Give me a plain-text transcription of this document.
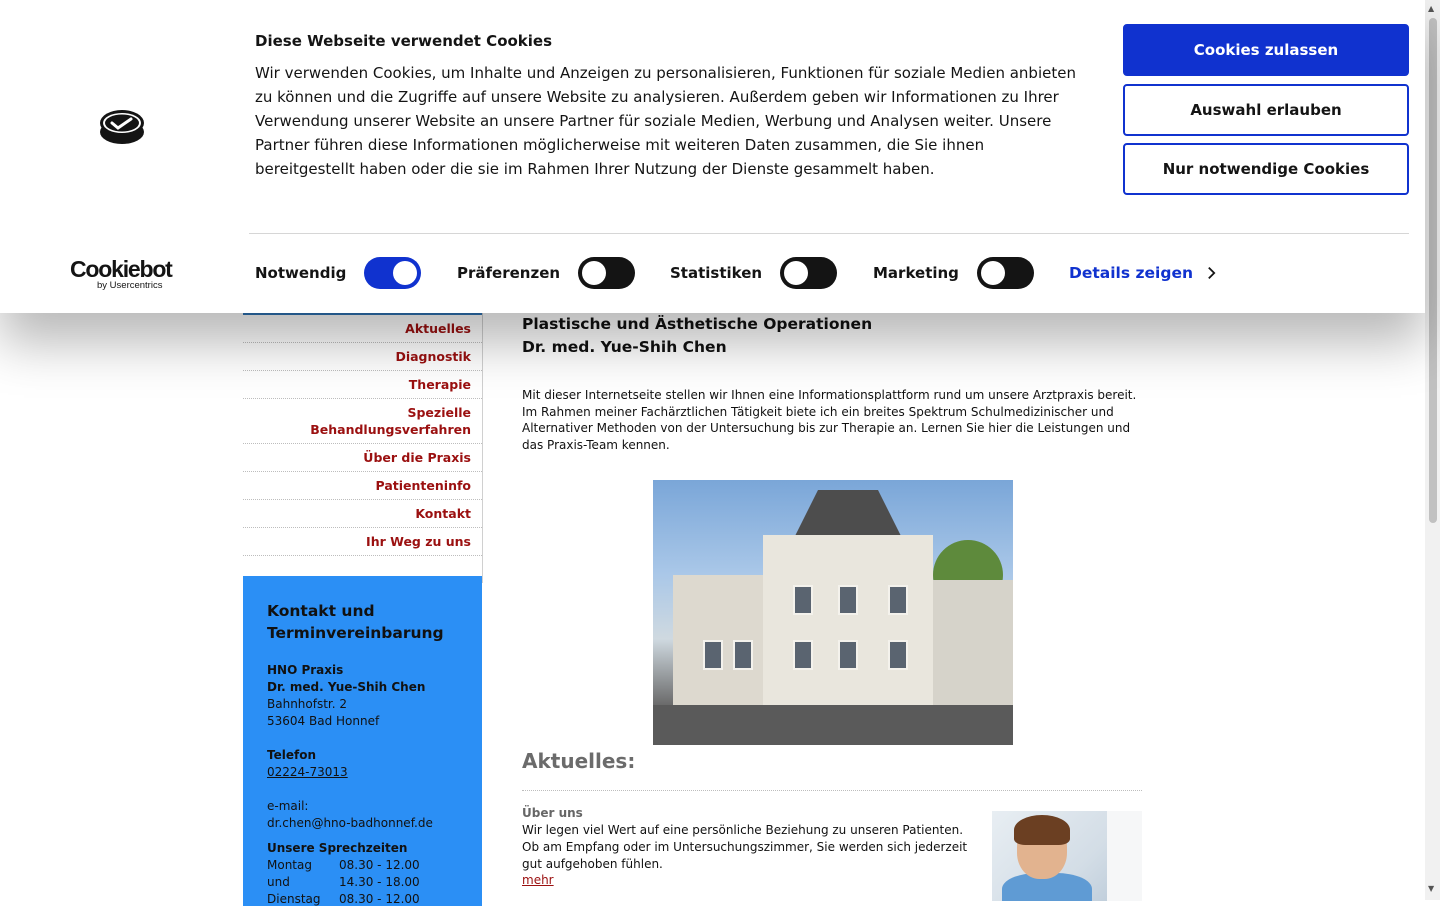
Aktuelles
Diagnostik
Therapie
Spezielle Behandlungsverfahren
Über die Praxis
Patienteninfo
Kontakt
Ihr Weg zu uns
Kontakt und Terminvereinbarung

HNO Praxis

Dr. med. Yue-Shih Chen

Bahnhofstr. 2

53604 Bad Honnef

Telefon

02224-73013

e-mail:

dr.chen@hno-badhonnef.de

Unsere Sprechzeiten

Montag	08.30 - 12.00
und	14.30 - 18.00
Dienstag	08.30 - 12.00
Plastische und Ästhetische Operationen
Dr. med. Yue-Shih Chen

Mit dieser Internetseite stellen wir Ihnen eine Informationsplattform rund um unsere Arztpraxis bereit. Im Rahmen meiner Fachärztlichen Tätigkeit biete ich ein breites Spektrum Schulmedizinischer und Alternativer Methoden von der Untersuchung bis zur Therapie an. Lernen Sie hier die Leistungen und das Praxis-Team kennen.

Aktuelles:
Über uns
Wir legen viel Wert auf eine persönliche Beziehung zu unseren Patienten. Ob am Empfang oder im Untersuchungszimmer, Sie werden sich jederzeit gut aufgehoben fühlen.
mehr
▲
▼
Cookiebot
by Usercentrics
Diese Webseite verwendet Cookies
Wir verwenden Cookies, um Inhalte und Anzeigen zu personalisieren, Funktionen für soziale Medien anbieten zu können und die Zugriffe auf unsere Website zu analysieren. Außerdem geben wir Informationen zu Ihrer Verwendung unserer Website an unsere Partner für soziale Medien, Werbung und Analysen weiter. Unsere Partner führen diese Informationen möglicherweise mit weiteren Daten zusammen, die Sie ihnen bereitgestellt haben oder die sie im Rahmen Ihrer Nutzung der Dienste gesammelt haben.
Cookies zulassen
Auswahl erlauben
Nur notwendige Cookies
Notwendig	Präferenzen	Statistiken	Marketing	Details zeigen
